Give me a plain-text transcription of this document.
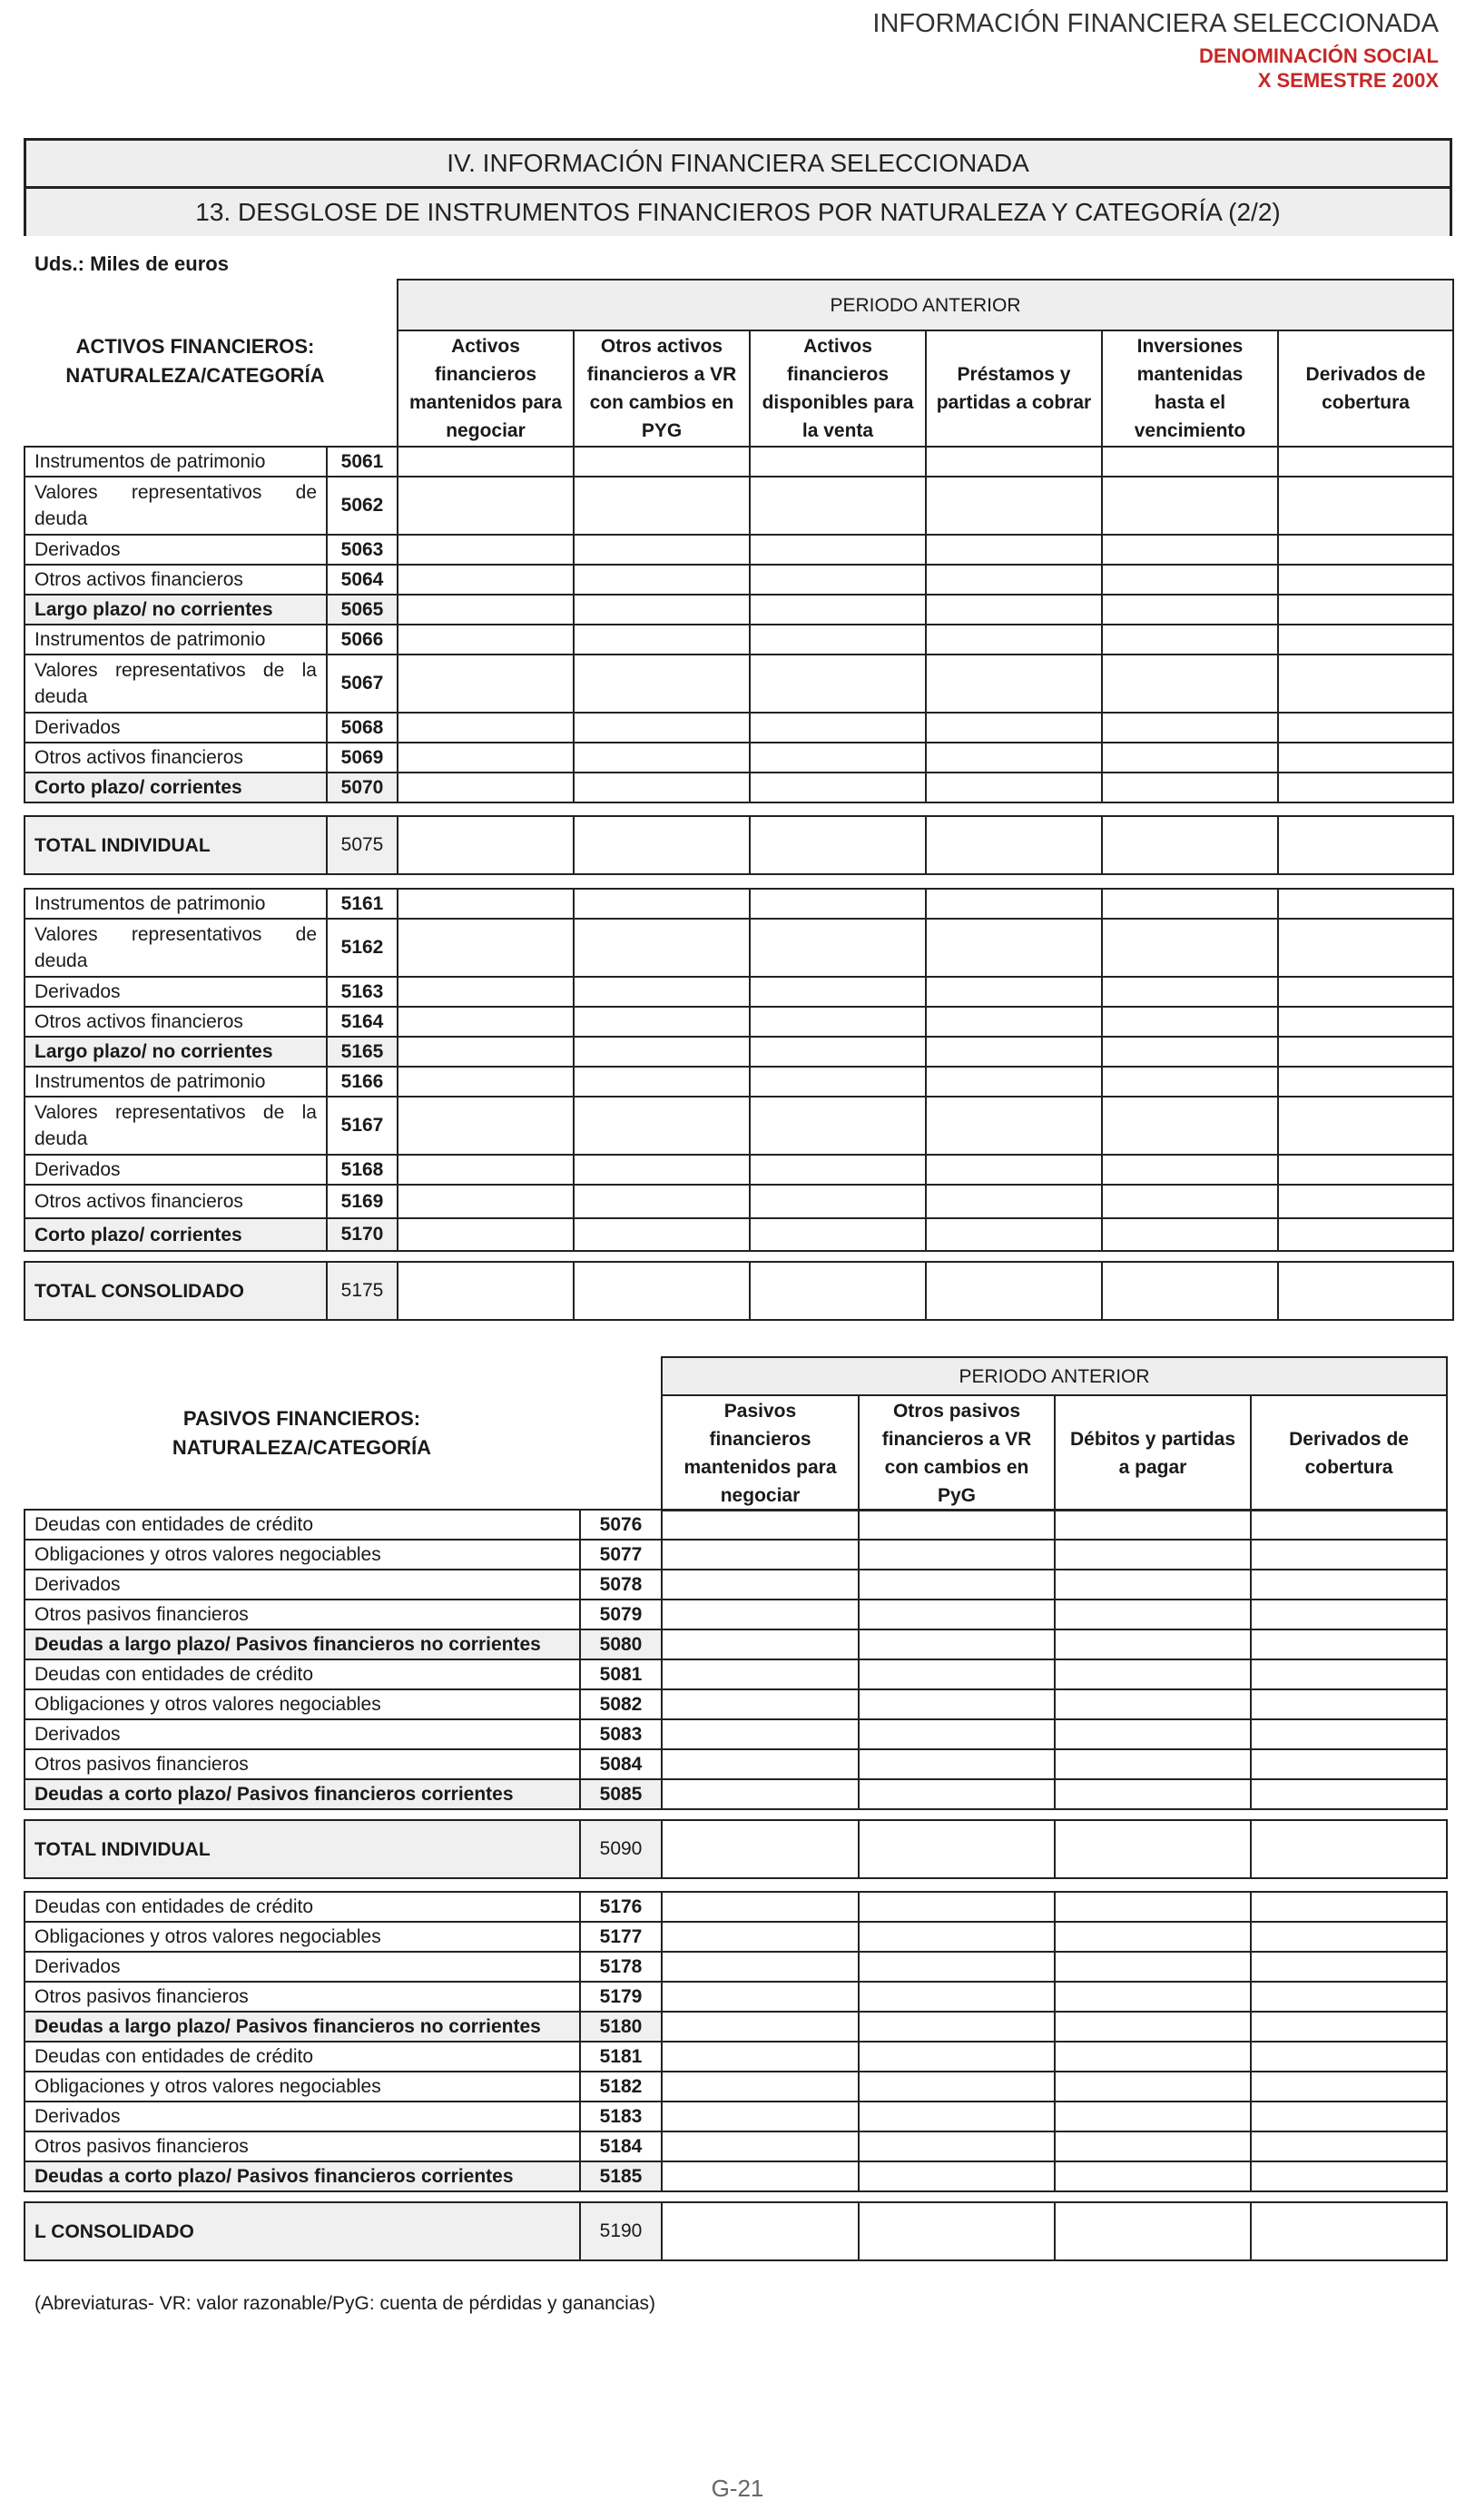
INFORMACIÓN FINANCIERA SELECCIONADA
DENOMINACIÓN SOCIAL
X SEMESTRE 200X
IV. INFORMACIÓN FINANCIERA SELECCIONADA
13. DESGLOSE DE INSTRUMENTOS FINANCIEROS POR NATURALEZA Y CATEGORÍA (2/2)
Uds.: Miles de euros
ACTIVOS FINANCIEROS: NATURALEZA/CATEGORÍA
PERIODO ANTERIOR
Activos financieros mantenidos para negociar	Otros activos financieros a VR con cambios en PYG	Activos financieros disponibles para la venta	Préstamos y partidas a cobrar	Inversiones mantenidas hasta el vencimiento	Derivados de cobertura
Instrumentos de patrimonio	5061						
Valores representativos de deuda	5062						
Derivados	5063						
Otros activos financieros	5064						
Largo plazo/ no corrientes	5065						
Instrumentos de patrimonio	5066						
Valores representativos de la deuda	5067						
Derivados	5068						
Otros activos financieros	5069						
Corto plazo/ corrientes	5070						
TOTAL INDIVIDUAL	5075						
Instrumentos de patrimonio	5161						
Valores representativos de deuda	5162						
Derivados	5163						
Otros activos financieros	5164						
Largo plazo/ no corrientes	5165						
Instrumentos de patrimonio	5166						
Valores representativos de la deuda	5167						
Derivados	5168						
Otros activos financieros	5169						
Corto plazo/ corrientes	5170						
TOTAL CONSOLIDADO	5175						
PASIVOS FINANCIEROS: NATURALEZA/CATEGORÍA
PERIODO ANTERIOR
Pasivos financieros mantenidos para negociar	Otros pasivos financieros a VR con cambios en PyG	Débitos y partidas a pagar	Derivados de cobertura
Deudas con entidades de crédito	5076				
Obligaciones y otros valores negociables	5077				
Derivados	5078				
Otros pasivos financieros	5079				
Deudas a largo plazo/ Pasivos financieros no corrientes	5080				
Deudas con entidades de crédito	5081				
Obligaciones y otros valores negociables	5082				
Derivados	5083				
Otros pasivos financieros	5084				
Deudas a corto plazo/ Pasivos financieros corrientes	5085				
TOTAL INDIVIDUAL	5090				
Deudas con entidades de crédito	5176				
Obligaciones y otros valores negociables	5177				
Derivados	5178				
Otros pasivos financieros	5179				
Deudas a largo plazo/ Pasivos financieros no corrientes	5180				
Deudas con entidades de crédito	5181				
Obligaciones y otros valores negociables	5182				
Derivados	5183				
Otros pasivos financieros	5184				
Deudas a corto plazo/ Pasivos financieros corrientes	5185				
L CONSOLIDADO	5190				
(Abreviaturas- VR: valor razonable/PyG: cuenta de pérdidas y ganancias)
G-21
